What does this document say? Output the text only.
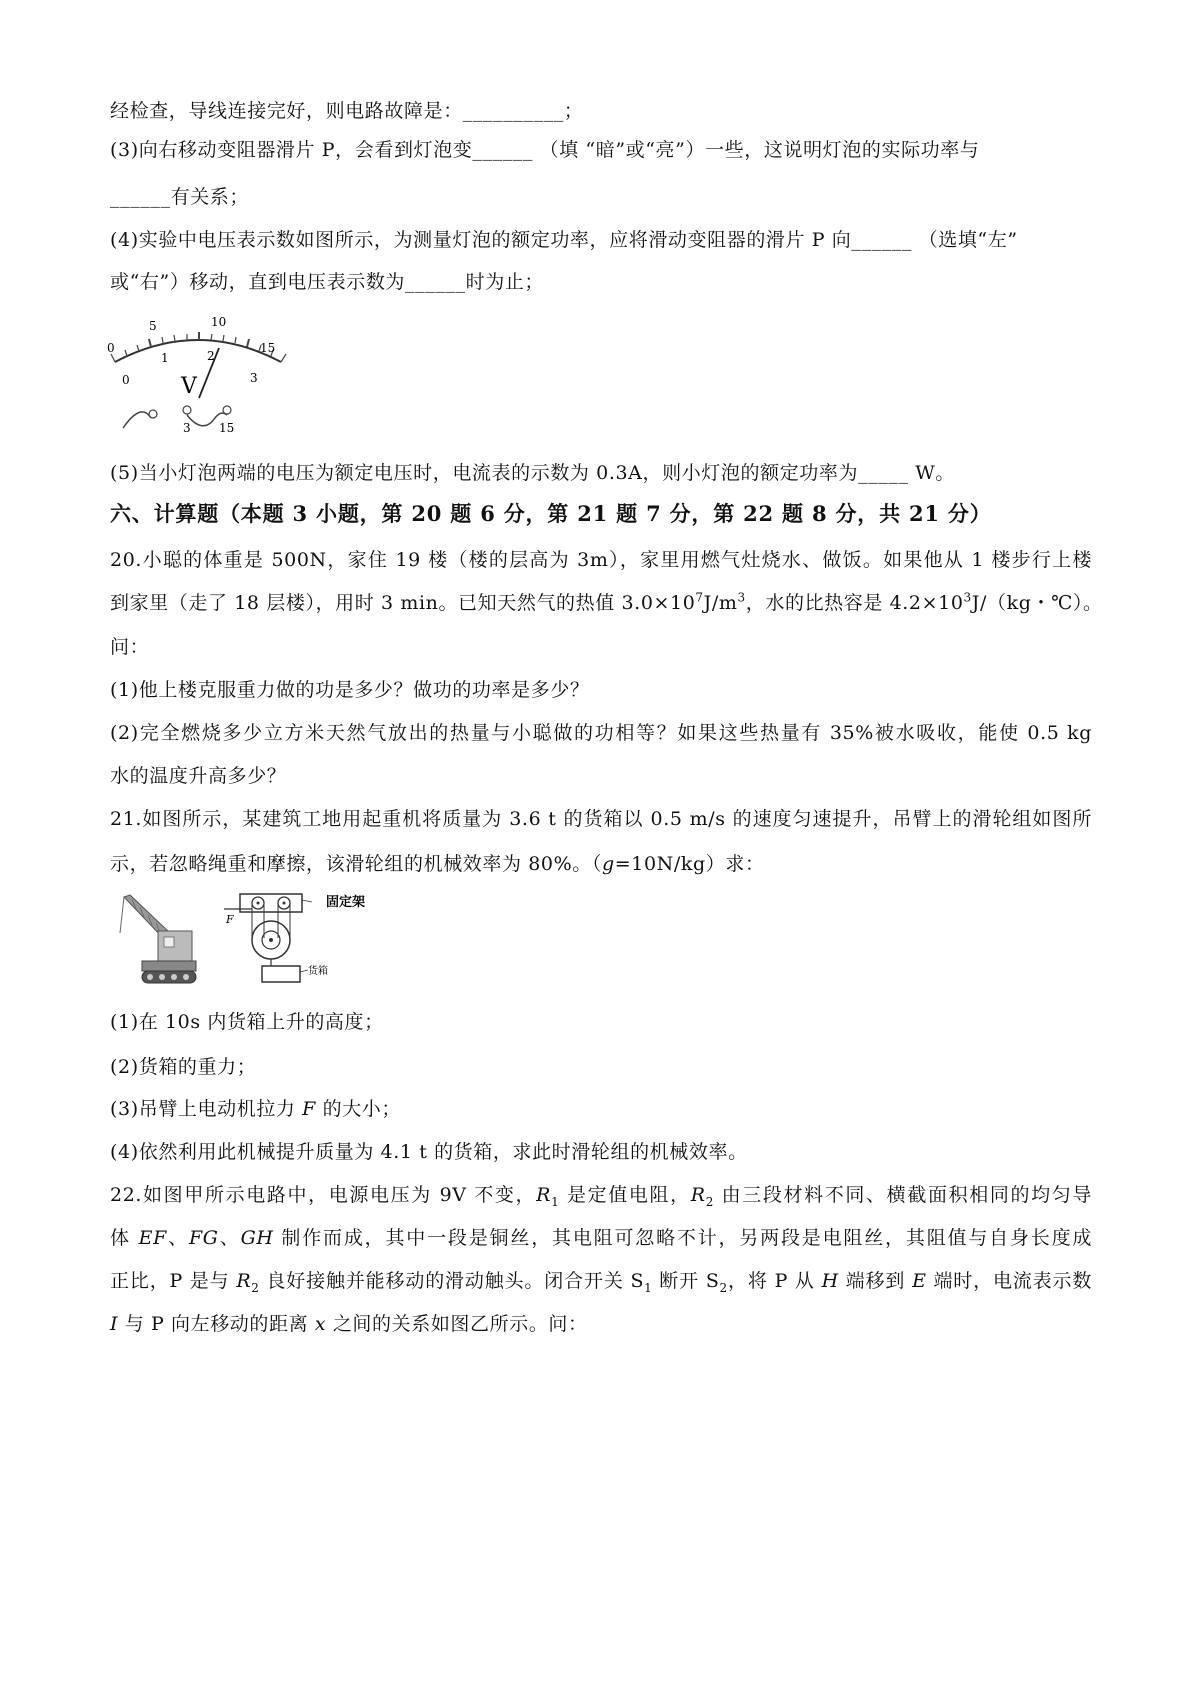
经检查，导线连接完好，则电路故障是：__________；
(3)向右移动变阻器滑片 P，会看到灯泡变______ （填 “暗”或“亮”）一些，这说明灯泡的实际功率与
______有关系；
(4)实验中电压表示数如图所示，为测量灯泡的额定功率，应将滑动变阻器的滑片 P 向______ （选填“左”
或“右”）移动，直到电压表示数为______时为止；
0
5	10
15
0
1	2
3
V
3 15
(5)当小灯泡两端的电压为额定电压时，电流表的示数为 0.3A，则小灯泡的额定功率为_____ W。
六、计算题（本题 3 小题，第 20 题 6 分，第 21 题 7 分，第 22 题 8 分，共 21 分）
20.小聪的体重是 500N，家住 19 楼（楼的层高为 3m），家里用燃气灶烧水、做饭。如果他从 1 楼步行上楼
到家里（走了 18 层楼），用时 3 min。已知天然气的热值 $3.0\times 10^7J/m^3$，水的比热容是 $4.2\times 10^3J/(kg$・℃）。
问：
(1)他上楼克服重力做的功是多少？做功的功率是多少？
(2)完全燃烧多少立方米天然气放出的热量与小聪做的功相等？如果这些热量有 35%被水吸收，能使 0.5 kg
水的温度升高多少？
21.如图所示，某建筑工地用起重机将质量为 3.6 t 的货箱以 0.5 m/s 的速度匀速提升，吊臂上的滑轮组如图所
示，若忽略绳重和摩擦，该滑轮组的机械效率为 80%。（g=10N/kg）求：
F
货箱
固定架
(1)在 10s 内货箱上升的高度；
(2)货箱的重力；
(3)吊臂上电动机拉力 F 的大小；
(4)依然利用此机械提升质量为 4.1 t 的货箱，求此时滑轮组的机械效率。
22.如图甲所示电路中，电源电压为 9V 不变，$R_1$ 是定值电阻，$R_2$ 由三段材料不同、横截面积相同的均匀导
体 EF、FG、GH 制作而成，其中一段是铜丝，其电阻可忽略不计，另两段是电阻丝，其阻值与自身长度成
正比，P 是与 $R_2$ 良好接触并能移动的滑动触头。闭合开关 $S_1$ 断开 $S_2$，将 P 从 H 端移到 E 端时，电流表示数
I 与 P 向左移动的距离 x 之间的关系如图乙所示。问：
